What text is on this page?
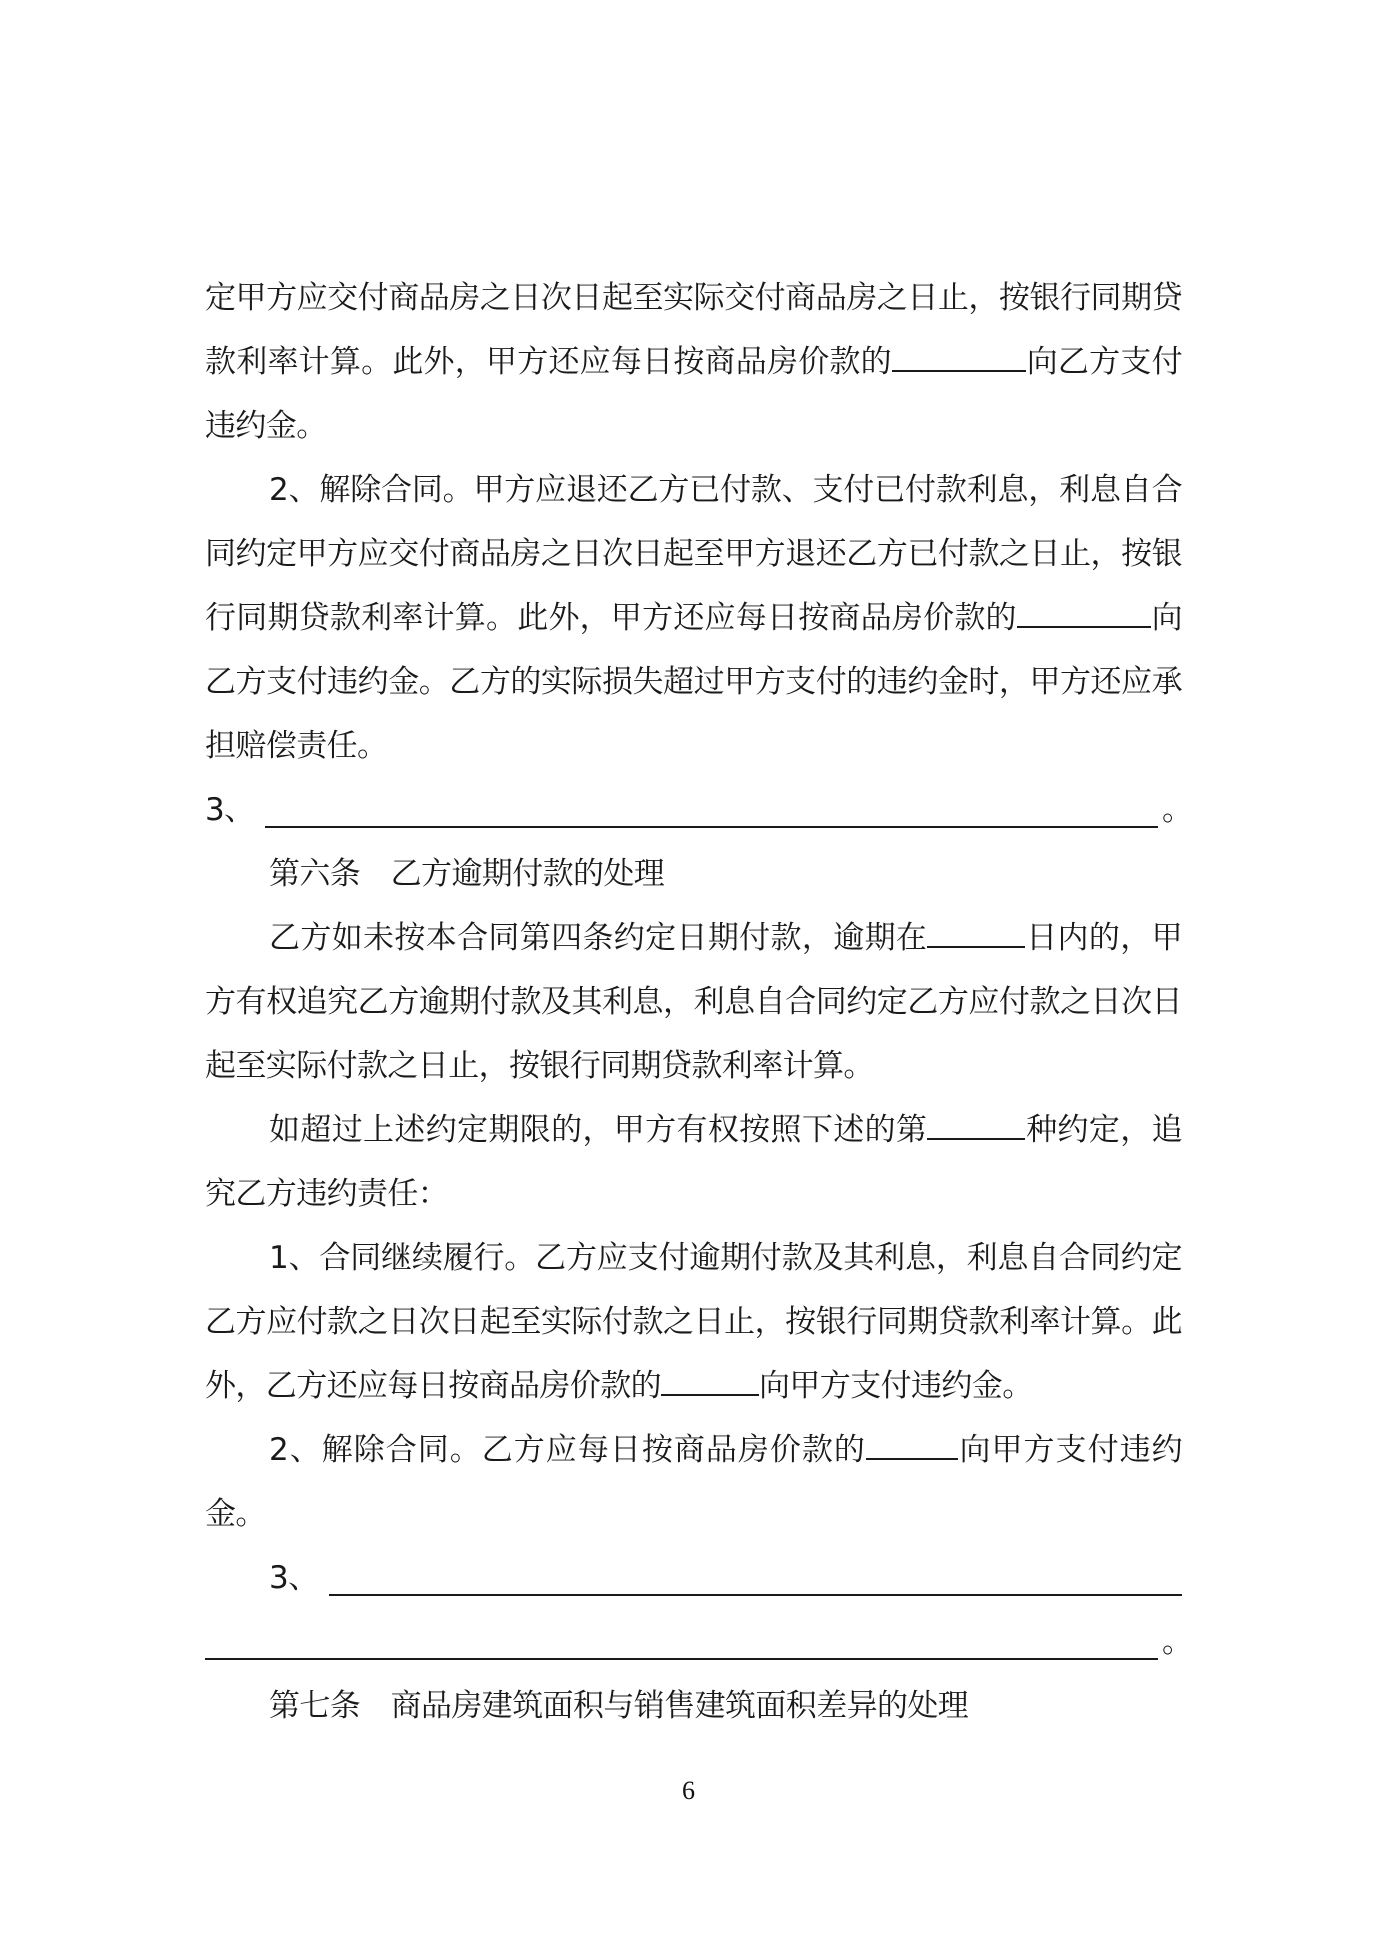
定甲方应交付商品房之日次日起至实际交付商品房之日止，按银行同期贷款利率计算。此外，甲方还应每日按商品房价款的	向乙方支付违约金。

2、解除合同。甲方应退还乙方已付款、支付已付款利息，利息自合同约定甲方应交付商品房之日次日起至甲方退还乙方已付款之日止，按银行同期贷款利率计算。此外，甲方还应每日按商品房价款的	向乙方支付违约金。乙方的实际损失超过甲方支付的违约金时，甲方还应承担赔偿责任。

3、	。

第六条　乙方逾期付款的处理

乙方如未按本合同第四条约定日期付款，逾期在	日内的，甲方有权追究乙方逾期付款及其利息，利息自合同约定乙方应付款之日次日起至实际付款之日止，按银行同期贷款利率计算。

如超过上述约定期限的，甲方有权按照下述的第	种约定，追究乙方违约责任：

1、合同继续履行。乙方应支付逾期付款及其利息，利息自合同约定乙方应付款之日次日起至实际付款之日止，按银行同期贷款利率计算。此外，乙方还应每日按商品房价款的	向甲方支付违约金。

2、解除合同。乙方应每日按商品房价款的	向甲方支付违约金。

3、
。

第七条　商品房建筑面积与销售建筑面积差异的处理

6
